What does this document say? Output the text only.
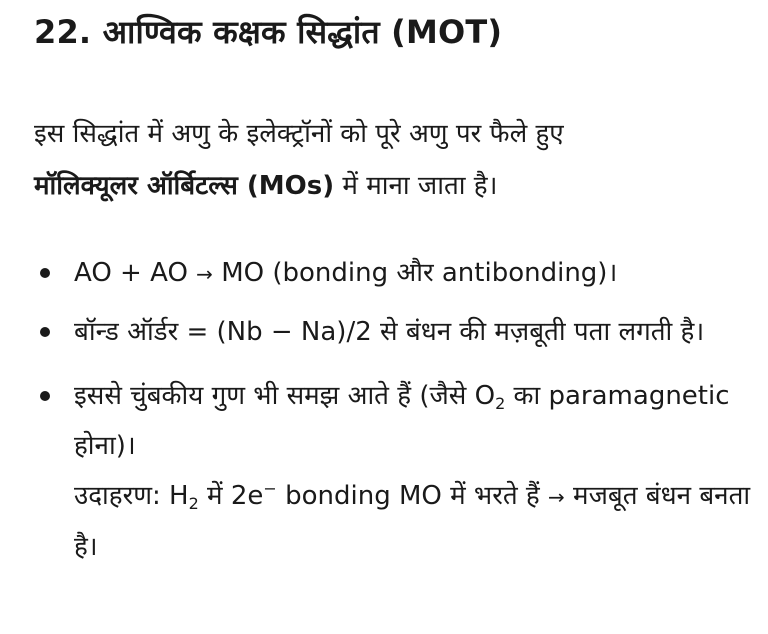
22. आण्विक कक्षक सिद्धांत (MOT)
इस सिद्धांत में अणु के इलेक्ट्रॉनों को पूरे अणु पर फैले हुए
मॉलिक्यूलर ऑर्बिटल्स (MOs) में माना जाता है।
AO + AO → MO (bonding और antibonding)।
बॉन्ड ऑर्डर = (Nb − Na)/2 से बंधन की मज़बूती पता लगती है।
इससे चुंबकीय गुण भी समझ आते हैं (जैसे $O_2$ का paramagnetic होना)।
उदाहरण: $H_2$ में 2e− bonding MO में भरते हैं → मजबूत बंधन बनता है।
